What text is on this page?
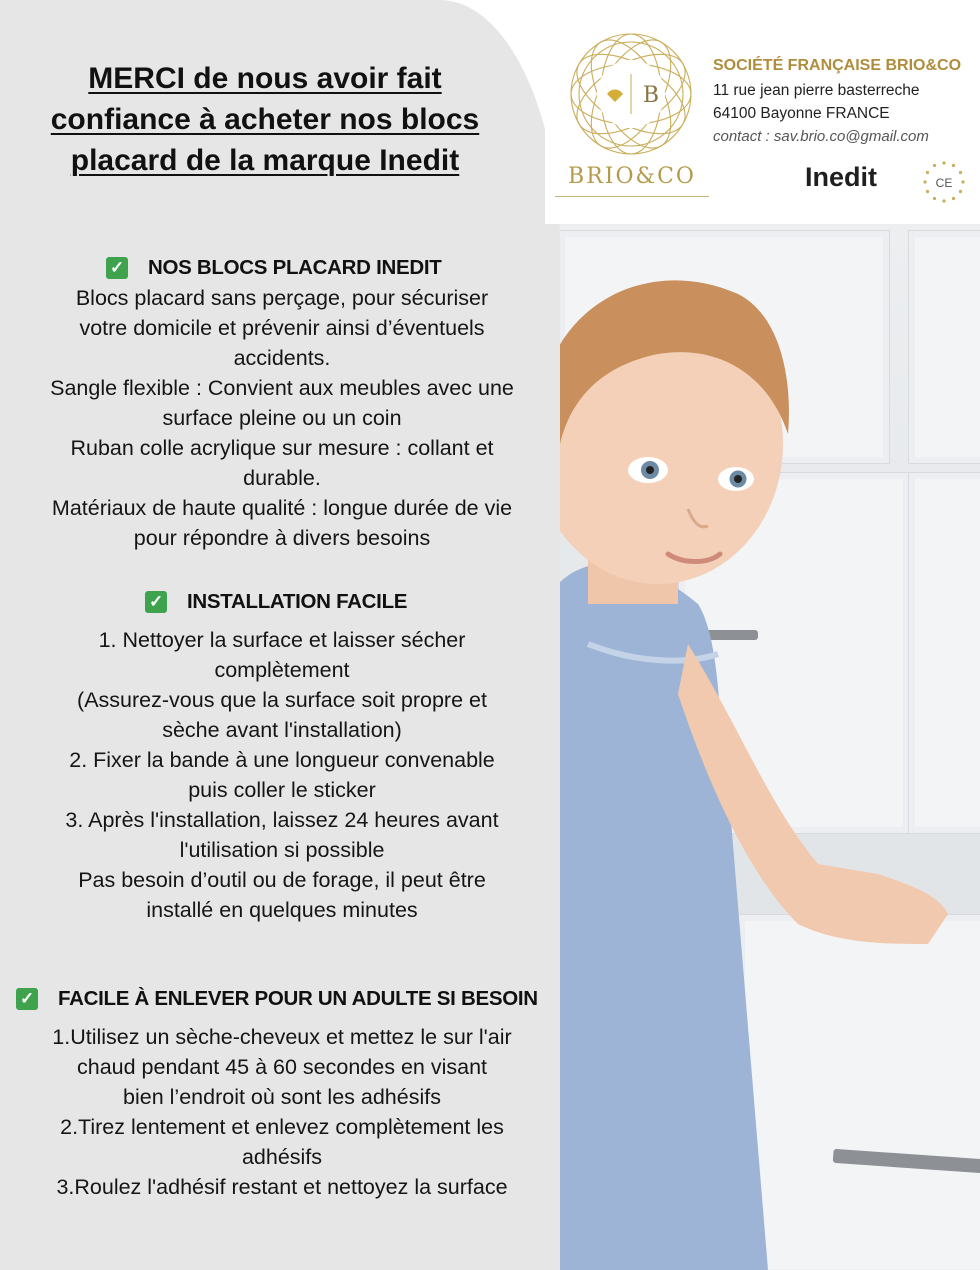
B
BRIO&CO
SOCIÉTÉ FRANÇAISE BRIO&CO
11 rue jean pierre basterreche
64100 Bayonne FRANCE
contact : sav.brio.co@gmail.com
Inedit	CE
MERCI de nous avoir fait
confiance à acheter nos blocs
placard de la marque Inedit
✓ NOS BLOCS PLACARD INEDIT
Blocs placard sans perçage, pour sécuriser
votre domicile et prévenir ainsi d’éventuels
accidents.
Sangle flexible : Convient aux meubles avec une
surface pleine ou un coin
Ruban colle acrylique sur mesure : collant et
durable.
Matériaux de haute qualité : longue durée de vie
pour répondre à divers besoins
✓ INSTALLATION FACILE
1. Nettoyer la surface et laisser sécher
complètement
(Assurez-vous que la surface soit propre et
sèche avant l'installation)
2. Fixer la bande à une longueur convenable
puis coller le sticker
3. Après l'installation, laissez 24 heures avant
l'utilisation si possible
Pas besoin d’outil ou de forage, il peut être
installé en quelques minutes
✓ FACILE À ENLEVER POUR UN ADULTE SI BESOIN
1.Utilisez un sèche-cheveux et mettez le sur l'air
chaud pendant 45 à 60 secondes en visant
bien l’endroit où sont les adhésifs
2.Tirez lentement et enlevez complètement les
adhésifs
3.Roulez l'adhésif restant et nettoyez la surface
